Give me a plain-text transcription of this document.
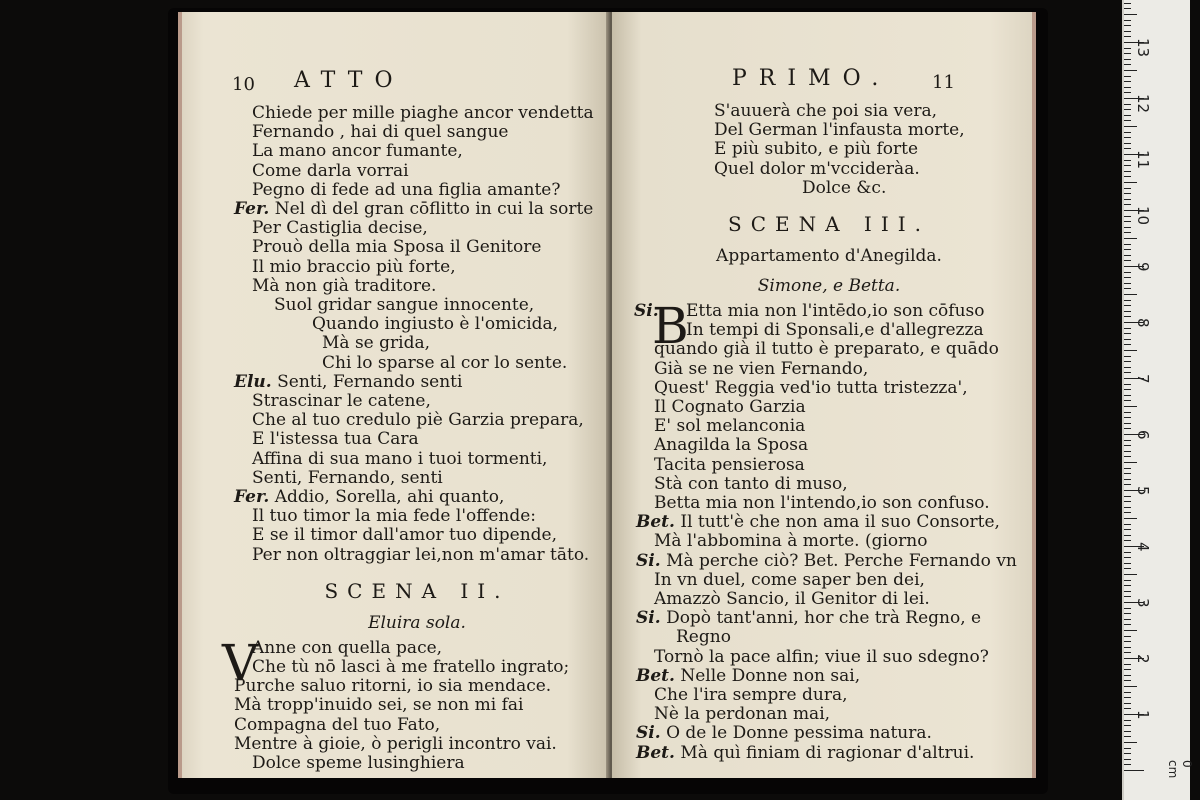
10 ATTO
Chiede per mille piaghe ancor vendetta
Fernando , hai di quel sangue
La mano ancor fumante,
Come darla vorrai
Pegno di fede ad una figlia amante?
Fer. Nel dì del gran cōflitto in cui la sorte
Per Castiglia decise,
Prouò della mia Sposa il Genitore
Il mio braccio più forte,
Mà non già traditore.
Suol gridar sangue innocente,
Quando ingiusto è l'omicida,
Mà se grida,
Chi lo sparse al cor lo sente.
Elu. Senti, Fernando senti
Strascinar le catene,
Che al tuo credulo piè Garzia prepara,
E l'istessa tua Cara
Affina di sua mano i tuoi tormenti,
Senti, Fernando, senti
Fer. Addio, Sorella, ahi quanto,
Il tuo timor la mia fede l'offende:
E se il timor dall'amor tuo dipende,
Per non oltraggiar lei,non m'amar tāto.
SCENA II.
Eluira sola.
V
Anne con quella pace,
Che tù nō lasci à me fratello ingrato;
Purche saluo ritorni, io sia mendace.
Mà tropp'inuido sei, se non mi fai
Compagna del tuo Fato,
Mentre à gioie, ò perigli incontro vai.
Dolce speme lusinghiera
PRIMO. 11
S'auuerà che poi sia vera,
Del German l'infausta morte,
E più subito, e più forte
Quel dolor m'vccideràa.
Dolce &c.
SCENA III.
Appartamento d'Anegilda.
Simone, e Betta.
Si.
B
Etta mia non l'intēdo,io son cōfuso
In tempi di Sponsali,e d'allegrezza
quando già il tutto è preparato, e quādo
Già se ne vien Fernando,
Quest' Reggia ved'io tutta tristezza',
Il Cognato Garzia
E' sol melanconia
Anagilda la Sposa
Tacita pensierosa
Stà con tanto di muso,
Betta mia non l'intendo,io son confuso.
Bet. Il tutt'è che non ama il suo Consorte,
Mà l'abbomina à morte. (giorno
Si. Mà perche ciò? Bet. Perche Fernando vn
In vn duel, come saper ben dei,
Amazzò Sancio, il Genitor di lei.
Si. Dopò tant'anni, hor che trà Regno, e
Regno
Tornò la pace alfin; viue il suo sdegno?
Bet. Nelle Donne non sai,
Che l'ira sempre dura,
Nè la perdonan mai,
Si. O de le Donne pessima natura.
Bet. Mà quì finiam di ragionar d'altrui.
0 cm
1
2
3
4
5
6
7
8
9
10
11
12
13
